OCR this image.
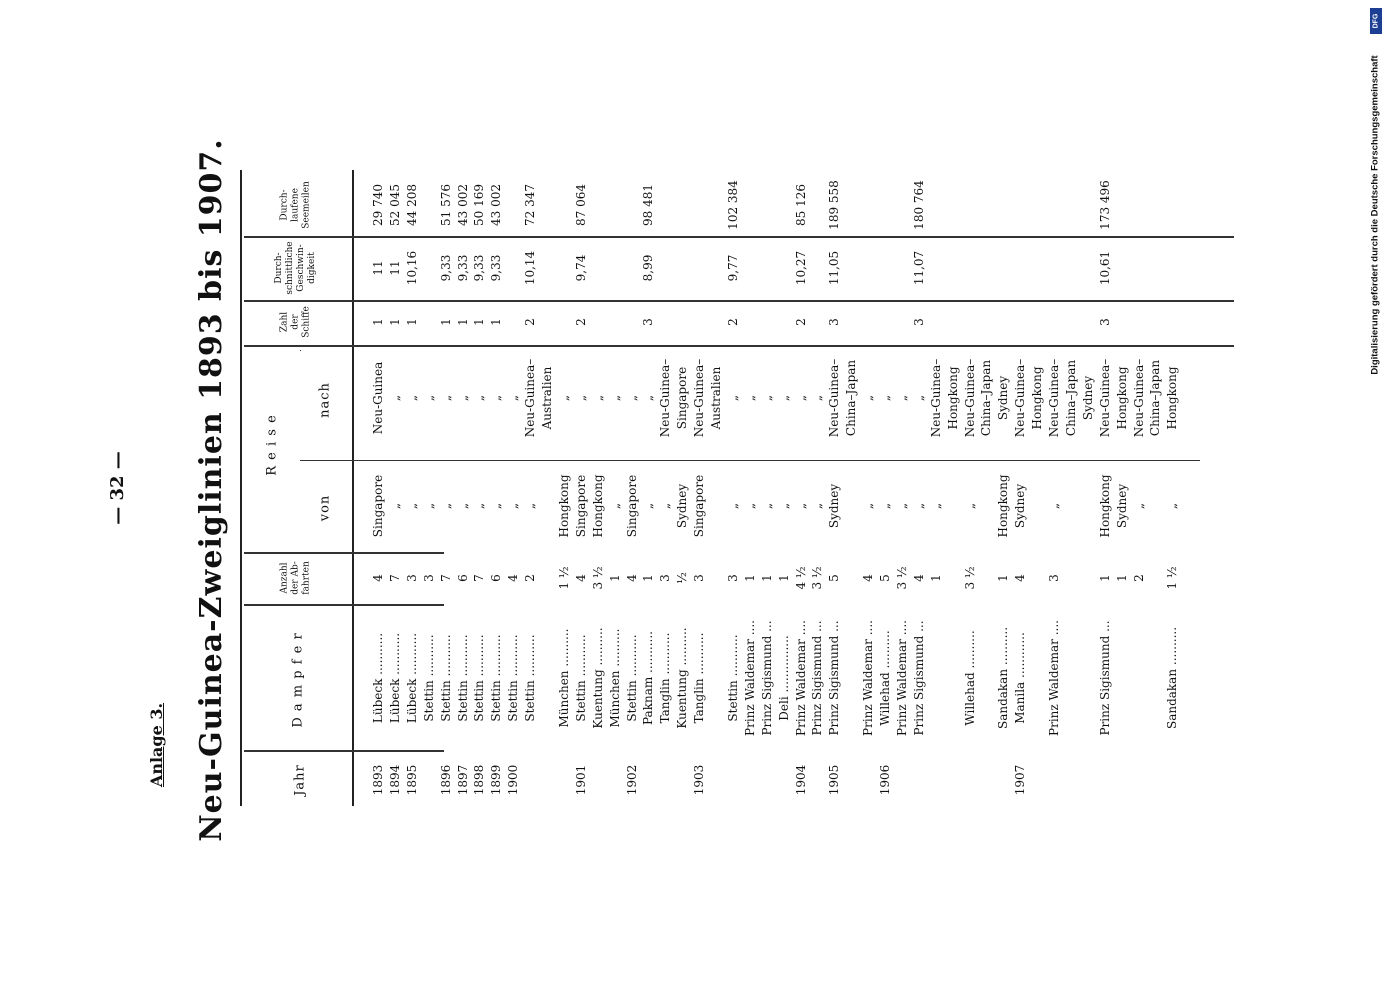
Anlage 3. Neu-Guinea-Zweiglinien 1893 bis 1907.
— 32 —
DFG
Digitalisierung gefördert durch die Deutsche Forschungsgemeinschaft
Jahr
D a m p f e r
Anzahl der Ab- fahrten
R e i s e
von
nach
Zahl der Schiffe
Durch- schnittliche Geschwin- digkeit
Durch- laufene Seemeilen
1893
Lübeck ...........
4
Singapore
Neu-Guinea
1
11
29 740
1894
Lübeck ...........
7
„
„
1
11
52 045
1895
Lübeck ...........
3
„
„
1
10,16
44 208
Stettin ...........
3
„
„
1896
Stettin ...........
7
„
„
1
9,33
51 576
1897
Stettin ...........
6
„
„
1
9,33
43 002
1898
Stettin ...........
7
„
„
1
9,33
50 169
1899
Stettin ...........
6
„
„
1
9,33
43 002
1900
Stettin ...........
4
„
„
Stettin ...........
2
„
Neu-Guinea–
2
10,14
72 347
Australien
München ..........
1 ½
Hongkong
„
1901
Stettin ...........
4
Singapore
„
2
9,74
87 064
Kuentung ..........
3 ½
Hongkong
„
München ..........
1
„
„
1902
Stettin ...........
4
Singapore
„
Paknam ...........
1
„
„
3
8,99
98 481
Tanglin ...........
3
„
Neu-Guinea–
Kuentung ..........
½
Sydney
Singapore
1903
Tanglin ...........
3
Singapore
Neu-Guinea– Australien
Stettin ...........
3
„
„
2
9,77
102 384
Prinz Waldemar ....
1
„
„
Prinz Sigismund ...
1
„
„
Deli ...............
1
„
„
1904
Prinz Waldemar ....
4 ½
„
„
2
10,27
85 126
Prinz Sigismund ...
3 ½
„
„
1905
Prinz Sigismund ...
5
Sydney
Neu-Guinea–
3
11,05
189 558
China–Japan
Prinz Waldemar ....
4
„
„
1906
Willehad ..........
5
„
„
Prinz Waldemar ....
3 ½
„
„
Prinz Sigismund ...
4
„
„
3
11,07
180 764
1
„
Neu-Guinea– Hongkong
Willehad ..........
3 ½
„
Neu-Guinea– China–Japan
Sandakan ..........
1
Hongkong
Sydney
1907
Manila ............
4
Sydney
Neu-Guinea– Hongkong
Prinz Waldemar ....
3
„
Neu-Guinea– China–Japan Sydney
Prinz Sigismund ...
1
Hongkong
Neu-Guinea–
3
10,61
173 496
1
Sydney
Hongkong
2
„
Neu-Guinea– China–Japan
Sandakan ..........
1 ½
„
Hongkong
